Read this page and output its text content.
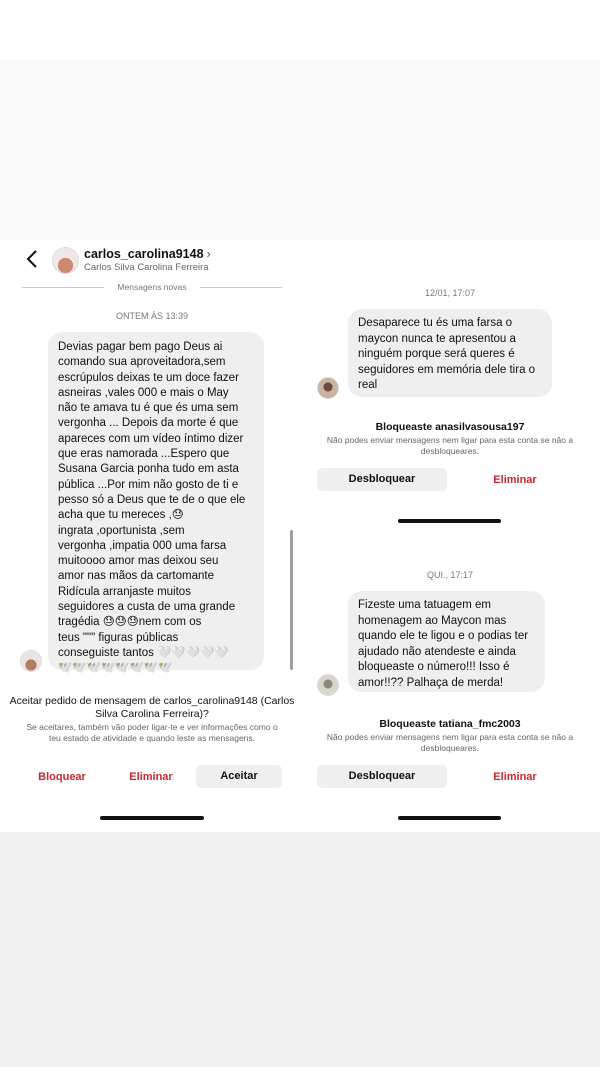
carlos_carolina9148 ›
Carlos Silva Carolina Ferreira
Mensagens novas
ONTEM ÀS 13:39
Devias pagar bem pago Deus ai
comando sua aproveitadora,sem
escrúpulos deixas te um doce fazer
asneiras ,vales 000 e mais o May
não te amava tu é que és uma sem
vergonha ... Depois da morte é que
apareces com um vídeo íntimo dizer
que eras namorada ...Espero que
Susana Garcia ponha tudo em asta
pública ...Por mim não gosto de ti e
pesso só a Deus que te de o que ele
acha que tu mereces ,😓
ingrata ,oportunista ,sem
vergonha ,impatia 000 uma farsa
muitoooo amor mas deixou seu
amor nas mãos da cartomante
Ridícula arranjaste muitos
seguidores a custa de uma grande
tragédia 😓😓😓nem com os
teus """ figuras públicas
conseguiste tantos 🤍🤍🤍🤍🤍
🕊️🕊️🕊️🕊️🕊️🕊️🕊️🕊️
Aceitar pedido de mensagem de carlos_carolina9148 (Carlos Silva Carolina Ferreira)?
Se aceitares, também vão poder ligar-te e ver informações como o teu estado de atividade e quando leste as mensagens.
Bloquear	Eliminar	Aceitar
12/01, 17:07
Desaparece tu és uma farsa o
maycon nunca te apresentou a
ninguém porque será queres é
seguidores em memória dele tira o
real
Bloqueaste anasilvasousa197
Não podes enviar mensagens nem ligar para esta conta se não a desbloqueares.
Desbloquear	Eliminar
QUI., 17:17
Fizeste uma tatuagem em
homenagem ao Maycon mas
quando ele te ligou e o podias ter
ajudado não atendeste e ainda
bloqueaste o número!!! Isso é
amor!!?? Palhaça de merda!
Bloqueaste tatiana_fmc2003
Não podes enviar mensagens nem ligar para esta conta se não a desbloqueares.
Desbloquear	Eliminar
